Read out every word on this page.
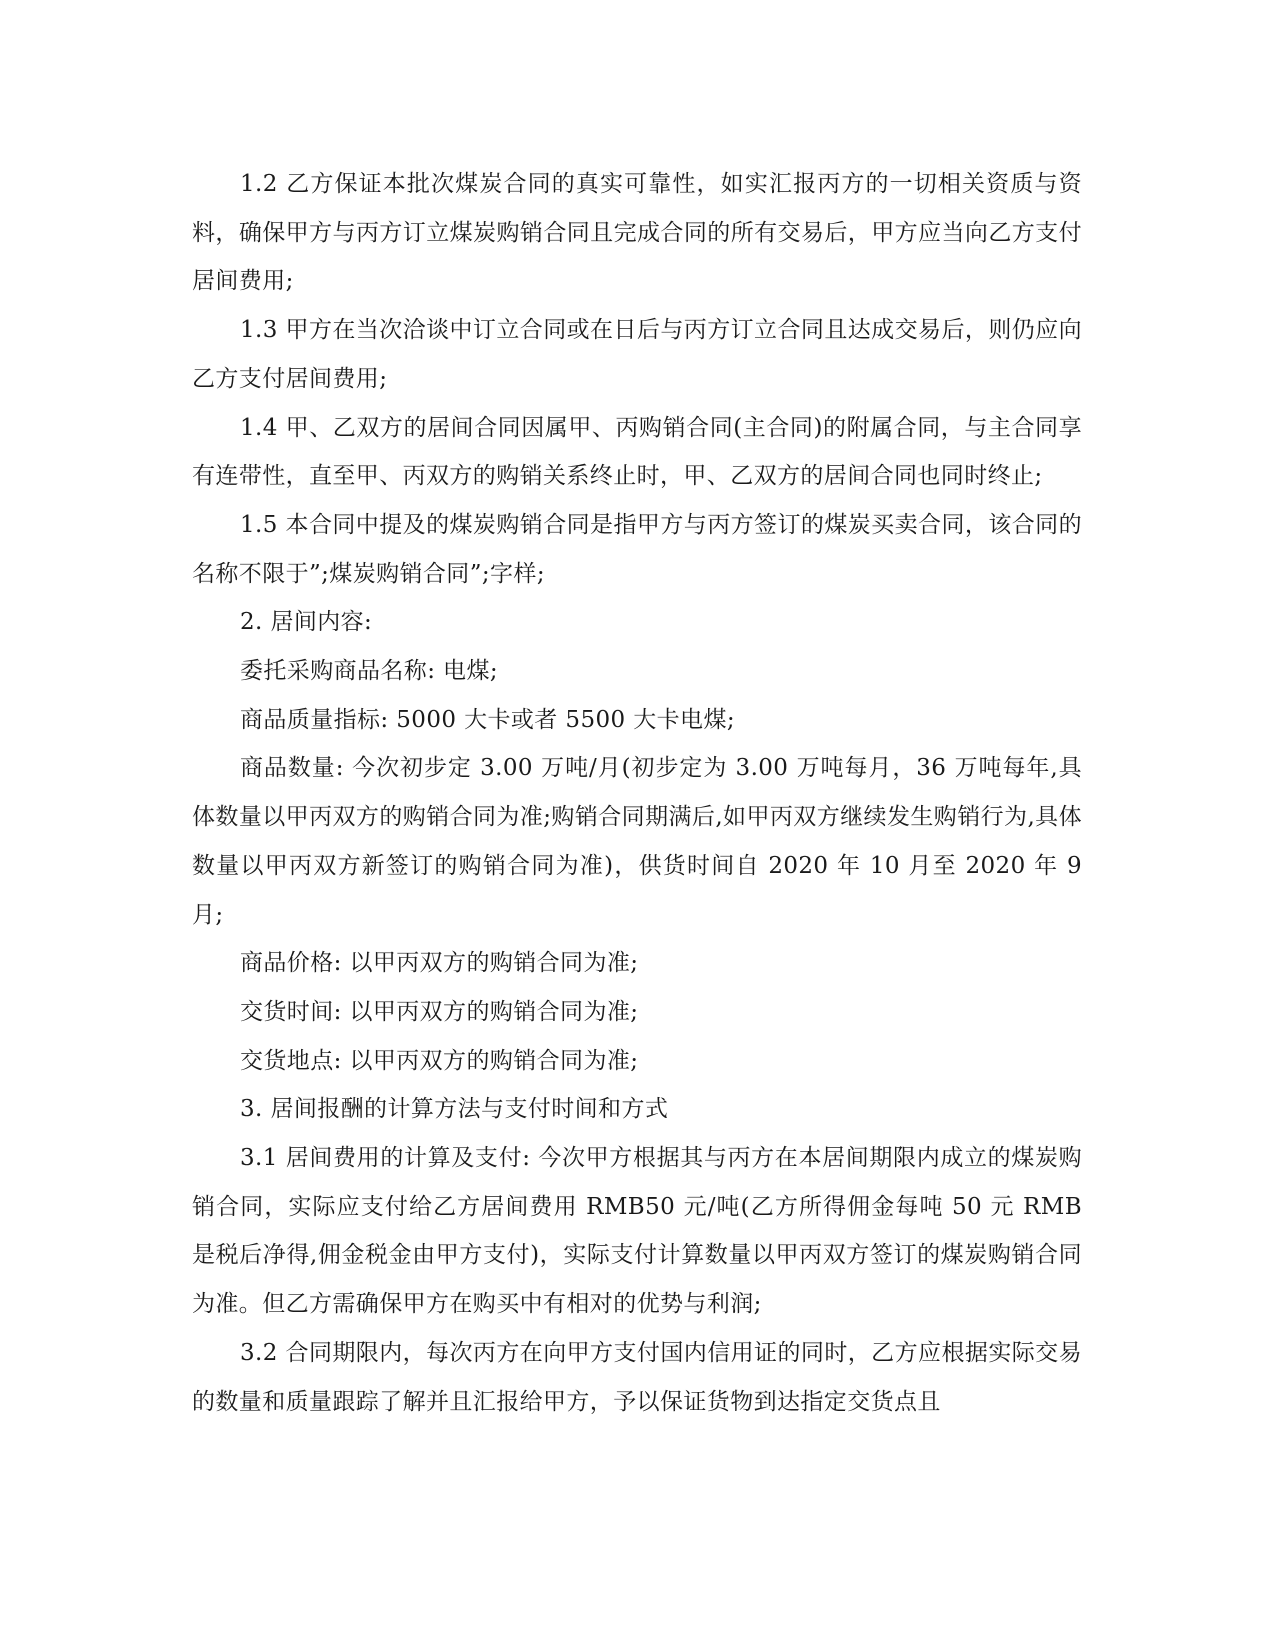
1.2 乙方保证本批次煤炭合同的真实可靠性，如实汇报丙方的一切相关资质与资料，确保甲方与丙方订立煤炭购销合同且完成合同的所有交易后，甲方应当向乙方支付居间费用;

1.3 甲方在当次洽谈中订立合同或在日后与丙方订立合同且达成交易后，则仍应向乙方支付居间费用;

1.4 甲、乙双方的居间合同因属甲、丙购销合同(主合同)的附属合同，与主合同享有连带性，直至甲、丙双方的购销关系终止时，甲、乙双方的居间合同也同时终止;

1.5 本合同中提及的煤炭购销合同是指甲方与丙方签订的煤炭买卖合同，该合同的名称不限于”;煤炭购销合同”;字样;

2. 居间内容:

委托采购商品名称: 电煤;

商品质量指标: 5000 大卡或者 5500 大卡电煤;

商品数量: 今次初步定 3.00 万吨/月(初步定为 3.00 万吨每月，36 万吨每年,具体数量以甲丙双方的购销合同为准;购销合同期满后,如甲丙双方继续发生购销行为,具体数量以甲丙双方新签订的购销合同为准)，供货时间自 2020 年 10 月至 2020 年 9 月;

商品价格: 以甲丙双方的购销合同为准;

交货时间: 以甲丙双方的购销合同为准;

交货地点: 以甲丙双方的购销合同为准;

3. 居间报酬的计算方法与支付时间和方式

3.1 居间费用的计算及支付: 今次甲方根据其与丙方在本居间期限内成立的煤炭购销合同，实际应支付给乙方居间费用 RMB50 元/吨(乙方所得佣金每吨 50 元 RMB 是税后净得,佣金税金由甲方支付)，实际支付计算数量以甲丙双方签订的煤炭购销合同为准。但乙方需确保甲方在购买中有相对的优势与利润;

3.2 合同期限内，每次丙方在向甲方支付国内信用证的同时，乙方应根据实际交易的数量和质量跟踪了解并且汇报给甲方，予以保证货物到达指定交货点且
